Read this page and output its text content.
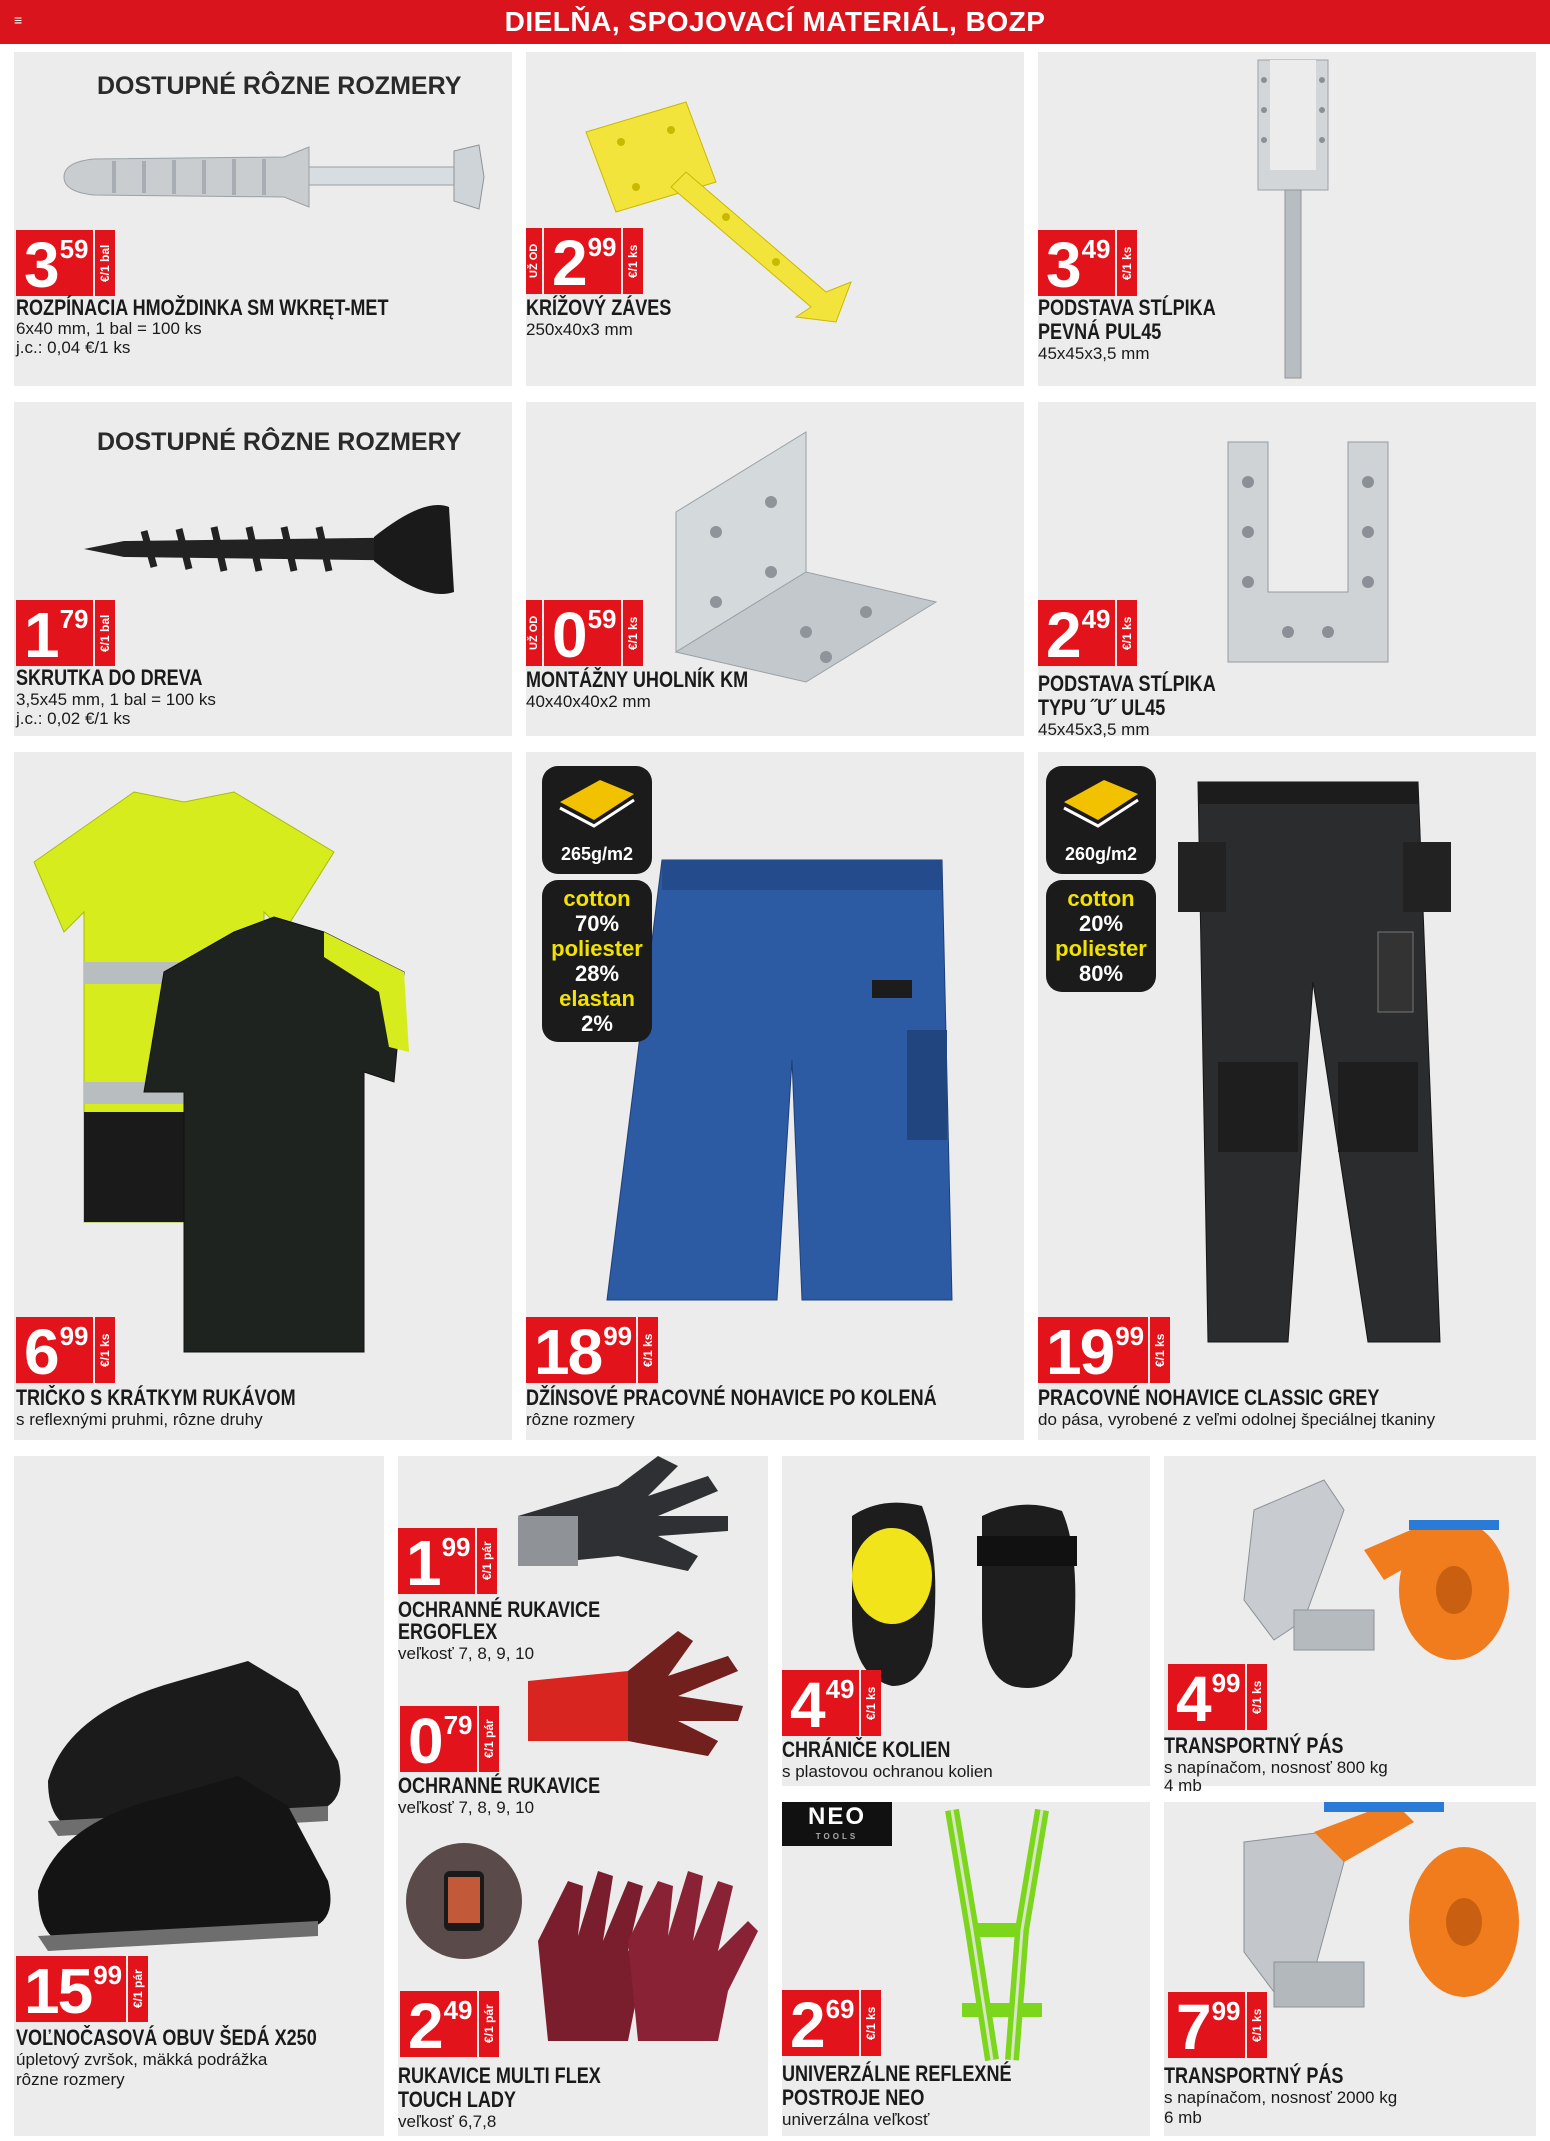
≡	DIELŇA, SPOJOVACÍ MATERIÁL, BOZP
DOSTUPNÉ RÔZNE ROZMERY
3 59 €/1 bal
ROZPÍNACIA HMOŽDINKA SM WKRĘT-MET
6x40 mm, 1 bal = 100 ks
j.c.: 0,04 €/1 ks
UŽ OD 2 99 €/1 ks
KRÍŽOVÝ ZÁVES
250x40x3 mm
3 49 €/1 ks
PODSTAVA STĹPIKA
PEVNÁ PUL45
45x45x3,5 mm
DOSTUPNÉ RÔZNE ROZMERY
1 79 €/1 bal
SKRUTKA DO DREVA
3,5x45 mm, 1 bal = 100 ks
j.c.: 0,02 €/1 ks
UŽ OD 0 59 €/1 ks
MONTÁŽNY UHOLNÍK KM
40x40x40x2 mm
2 49 €/1 ks
PODSTAVA STĹPIKA
TYPU ˝U˝ UL45
45x45x3,5 mm
6 99 €/1 ks
TRIČKO S KRÁTKYM RUKÁVOM
s reflexnými pruhmi, rôzne druhy
265g/m2
cotton
70%
poliester
28%
elastan
2%
18 99 €/1 ks
DŽÍNSOVÉ PRACOVNÉ NOHAVICE PO KOLENÁ
rôzne rozmery
260g/m2
cotton
20%
poliester
80%
19 99 €/1 ks
PRACOVNÉ NOHAVICE CLASSIC GREY
do pása, vyrobené z veľmi odolnej špeciálnej tkaniny
15 99 €/1 pár
VOĽNOČASOVÁ OBUV ŠEDÁ X250
úpletový zvršok, mäkká podrážka
rôzne rozmery
1 99 €/1 pár
OCHRANNÉ RUKAVICE
ERGOFLEX
veľkosť 7, 8, 9, 10
0 79 €/1 pár
OCHRANNÉ RUKAVICE
veľkosť 7, 8, 9, 10
2 49 €/1 pár
RUKAVICE MULTI FLEX
TOUCH LADY
veľkosť 6,7,8
4 49 €/1 ks
CHRÁNIČE KOLIEN
s plastovou ochranou kolien
NEO
TOOLS
2 69 €/1 ks
UNIVERZÁLNE REFLEXNÉ
POSTROJE NEO
univerzálna veľkosť
4 99 €/1 ks
TRANSPORTNÝ PÁS
s napínačom, nosnosť 800 kg
4 mb
7 99 €/1 ks
TRANSPORTNÝ PÁS
s napínačom, nosnosť 2000 kg
6 mb
